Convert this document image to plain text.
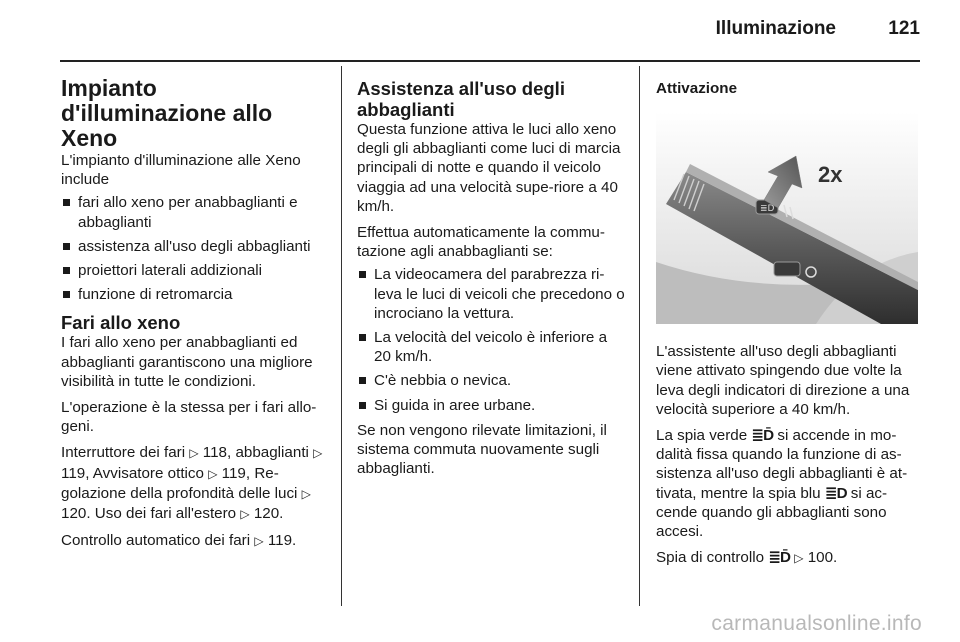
Illuminazione	121
Impianto d'illuminazione allo Xeno

L'impianto d'illuminazione alle Xeno include

fari allo xeno per anabbaglianti e abbaglianti
assistenza all'uso degli abbaglianti
proiettori laterali addizionali
funzione di retromarcia
Fari allo xeno

I fari allo xeno per anabbaglianti ed abbaglianti garantiscono una migliore visibilità in tutte le condizioni.

L'operazione è la stessa per i fari allo-geni.

Interruttore dei fari ▷ 118, abbaglianti ▷ 119, Avvisatore ottico ▷ 119, Re-golazione della profondità delle luci ▷ 120. Uso dei fari all'estero ▷ 120.

Controllo automatico dei fari ▷ 119.

Assistenza all'uso degli abbaglianti

Questa funzione attiva le luci allo xeno degli gli abbaglianti come luci di marcia principali di notte e quando il veicolo viaggia ad una velocità supe-riore a 40 km/h.

Effettua automaticamente la commu-tazione agli anabbaglianti se:

La videocamera del parabrezza ri-leva le luci di veicoli che precedono o incrociano la vettura.
La velocità del veicolo è inferiore a 20 km/h.
C'è nebbia o nevica.
Si guida in aree urbane.

Se non vengono rilevate limitazioni, il sistema commuta nuovamente sugli abbaglianti.

Attivazione
≣D
2x

L'assistente all'uso degli abbaglianti viene attivato spingendo due volte la leva degli indicatori di direzione a una velocità superiore a 40 km/h.

La spia verde ≣D̄ si accende in mo-dalità fissa quando la funzione di as-sistenza all'uso degli abbaglianti è at-tivata, mentre la spia blu ≣D si ac-cende quando gli abbaglianti sono accesi.

Spia di controllo ≣D̄ ▷ 100.

carmanualsonline.info
